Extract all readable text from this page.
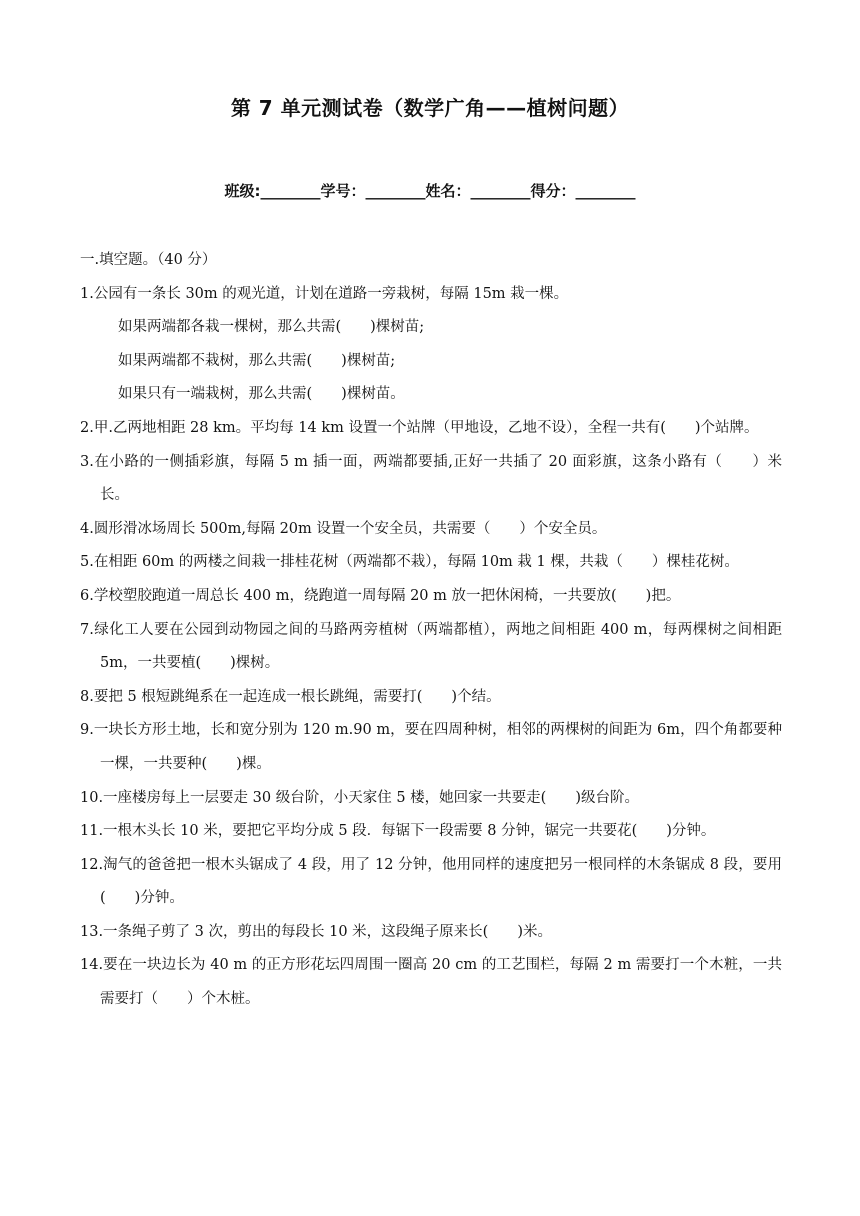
第 7 单元测试卷（数学广角——植树问题）
班级:________学号：________姓名：________得分：________

一.填空题。（40 分）

1.公园有一条长 30m 的观光道，计划在道路一旁栽树，每隔 15m 栽一棵。

如果两端都各栽一棵树，那么共需(　　)棵树苗;

如果两端都不栽树，那么共需(　　)棵树苗;

如果只有一端栽树，那么共需(　　)棵树苗。

2.甲.乙两地相距 28 km。平均每 14 km 设置一个站牌（甲地设，乙地不设），全程一共有(　　)个站牌。

3.在小路的一侧插彩旗，每隔 5 m 插一面，两端都要插,正好一共插了 20 面彩旗，这条小路有（　　）米长。

4.圆形滑冰场周长 500m,每隔 20m 设置一个安全员，共需要（　　）个安全员。

5.在相距 60m 的两楼之间栽一排桂花树（两端都不栽），每隔 10m 栽 1 棵，共栽（　　）棵桂花树。

6.学校塑胶跑道一周总长 400 m，绕跑道一周每隔 20 m 放一把休闲椅，一共要放(　　)把。

7.绿化工人要在公园到动物园之间的马路两旁植树（两端都植），两地之间相距 400 m，每两棵树之间相距 5m，一共要植(　　)棵树。

8.要把 5 根短跳绳系在一起连成一根长跳绳，需要打(　　)个结。

9.一块长方形土地，长和宽分别为 120 m.90 m，要在四周种树，相邻的两棵树的间距为 6m，四个角都要种一棵，一共要种(　　)棵。

10.一座楼房每上一层要走 30 级台阶，小天家住 5 楼，她回家一共要走(　　)级台阶。

11.一根木头长 10 米，要把它平均分成 5 段．每锯下一段需要 8 分钟，锯完一共要花(　　)分钟。

12.淘气的爸爸把一根木头锯成了 4 段，用了 12 分钟，他用同样的速度把另一根同样的木条锯成 8 段，要用(　　)分钟。

13.一条绳子剪了 3 次，剪出的每段长 10 米，这段绳子原来长(　　)米。

14.要在一块边长为 40 m 的正方形花坛四周围一圈高 20 cm 的工艺围栏，每隔 2 m 需要打一个木粧，一共需要打（　　）个木桩。
